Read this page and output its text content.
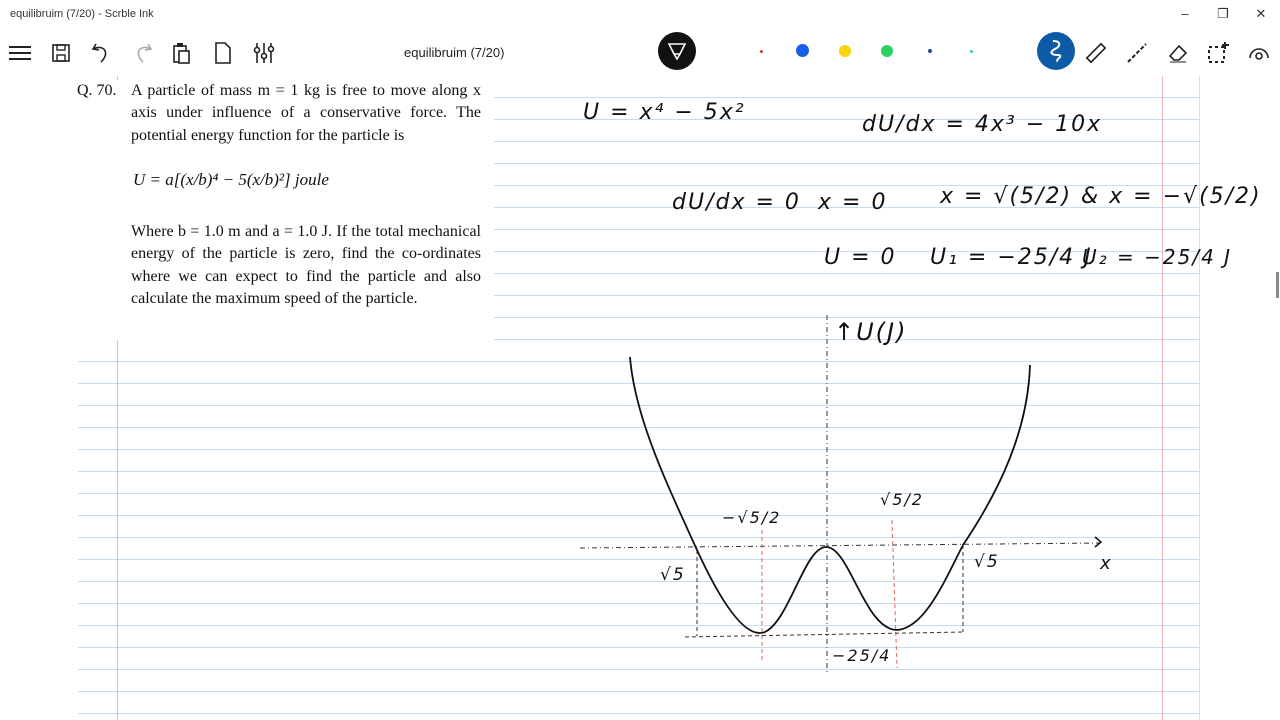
equilibruim (7/20) - Scrble Ink	–	❐	✕
equilibruim (7/20)
Q. 70. A particle of mass m = 1 kg is free to move along x axis under influence of a conservative force. The potential energy function for the particle is
U = a[(x/b)⁴ − 5(x/b)²] joule
Where b = 1.0 m and a = 1.0 J. If the total mechanical energy of the particle is zero, find the co-ordinates where we can expect to find the particle and also calculate the maximum speed of the particle.
U = x⁴ − 5x²	dU/dx = 4x³ − 10x
dU/dx = 0 x = 0 x = √(5/2) & x = −√(5/2)
U = 0 U₁ = −25/4 J
U₂ = −25/4 J
↑U(J)
x
−√5/2
√5/2
√5
√5
−25/4
